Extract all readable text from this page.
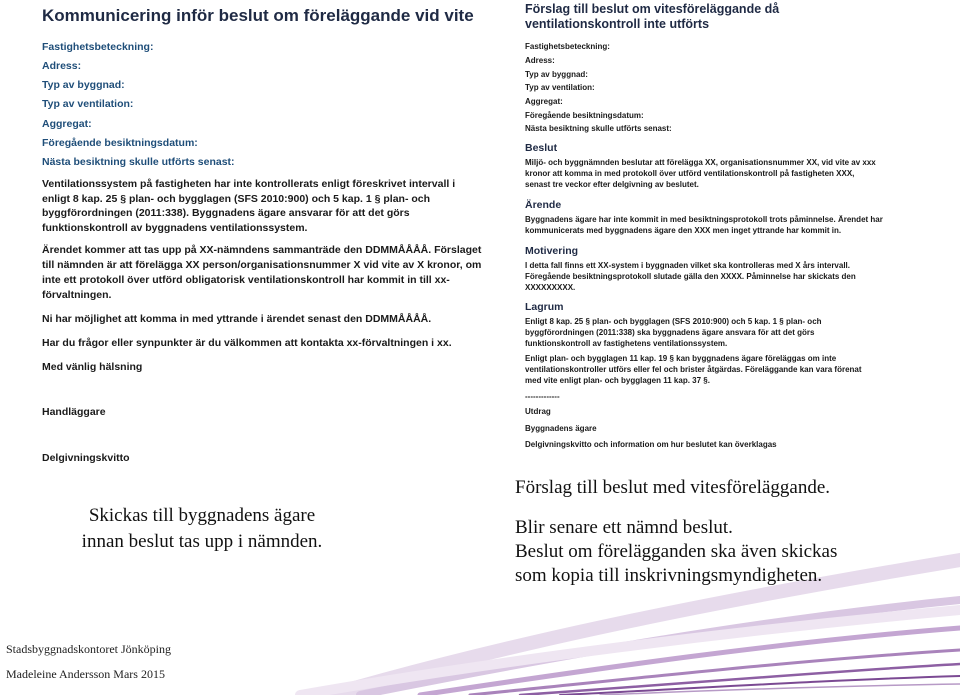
Kommunicering inför beslut om föreläggande vid vite
Fastighetsbeteckning:
Adress:
Typ av byggnad:
Typ av ventilation:
Aggregat:
Föregående besiktningsdatum:
Nästa besiktning skulle utförts senast:
Ventilationssystem på fastigheten har inte kontrollerats enligt föreskrivet intervall i
enligt 8 kap. 25 § plan- och bygglagen (SFS 2010:900) och 5 kap. 1 § plan- och
byggförordningen (2011:338). Byggnadens ägare ansvarar för att det görs
funktionskontroll av byggnadens ventilationssystem.
Ärendet kommer att tas upp på XX-nämndens sammanträde den DDMMÅÅÅÅ. Förslaget
till nämnden är att förelägga XX person/organisationsnummer X vid vite av X kronor, om
inte ett protokoll över utförd obligatorisk ventilationskontroll har kommit in till xx-
förvaltningen.
Ni har möjlighet att komma in med yttrande i ärendet senast den DDMMÅÅÅÅ.
Har du frågor eller synpunkter är du välkommen att kontakta xx-förvaltningen i xx.
Med vänlig hälsning
Handläggare
Delgivningskvitto
Förslag till beslut om vitesföreläggande då
ventilationskontroll inte utförts
Fastighetsbeteckning:
Adress:
Typ av byggnad:
Typ av ventilation:
Aggregat:
Föregående besiktningsdatum:
Nästa besiktning skulle utförts senast:
Beslut
Miljö- och byggnämnden beslutar att förelägga XX, organisationsnummer XX, vid vite av xxx
kronor att komma in med protokoll över utförd ventilationskontroll på fastigheten XXX,
senast tre veckor efter delgivning av beslutet.
Ärende
Byggnadens ägare har inte kommit in med besiktningsprotokoll trots påminnelse. Ärendet har
kommunicerats med byggnadens ägare den XXX men inget yttrande har kommit in.
Motivering
I detta fall finns ett XX-system i byggnaden vilket ska kontrolleras med X års intervall.
Föregående besiktningsprotokoll slutade gälla den XXXX. Påminnelse har skickats den
XXXXXXXXX.
Lagrum
Enligt 8 kap. 25 § plan- och bygglagen (SFS 2010:900) och 5 kap. 1 § plan- och
byggförordningen (2011:338) ska byggnadens ägare ansvara för att det görs
funktionskontroll av fastighetens ventilationssystem.
Enligt plan- och bygglagen 11 kap. 19 § kan byggnadens ägare föreläggas om inte
ventilationskontroller utförs eller fel och brister åtgärdas. Föreläggande kan vara förenat
med vite enligt plan- och bygglagen 11 kap. 37 §.
-------------
Utdrag
Byggnadens ägare
Delgivningskvitto och information om hur beslutet kan överklagas
Skickas till byggnadens ägare
innan beslut tas upp i nämnden.
Förslag till beslut med vitesföreläggande.
Blir senare ett nämnd beslut.
Beslut om förelägganden ska även skickas
som kopia till inskrivningsmyndigheten.
Stadsbyggnadskontoret Jönköping
Madeleine Andersson Mars 2015
